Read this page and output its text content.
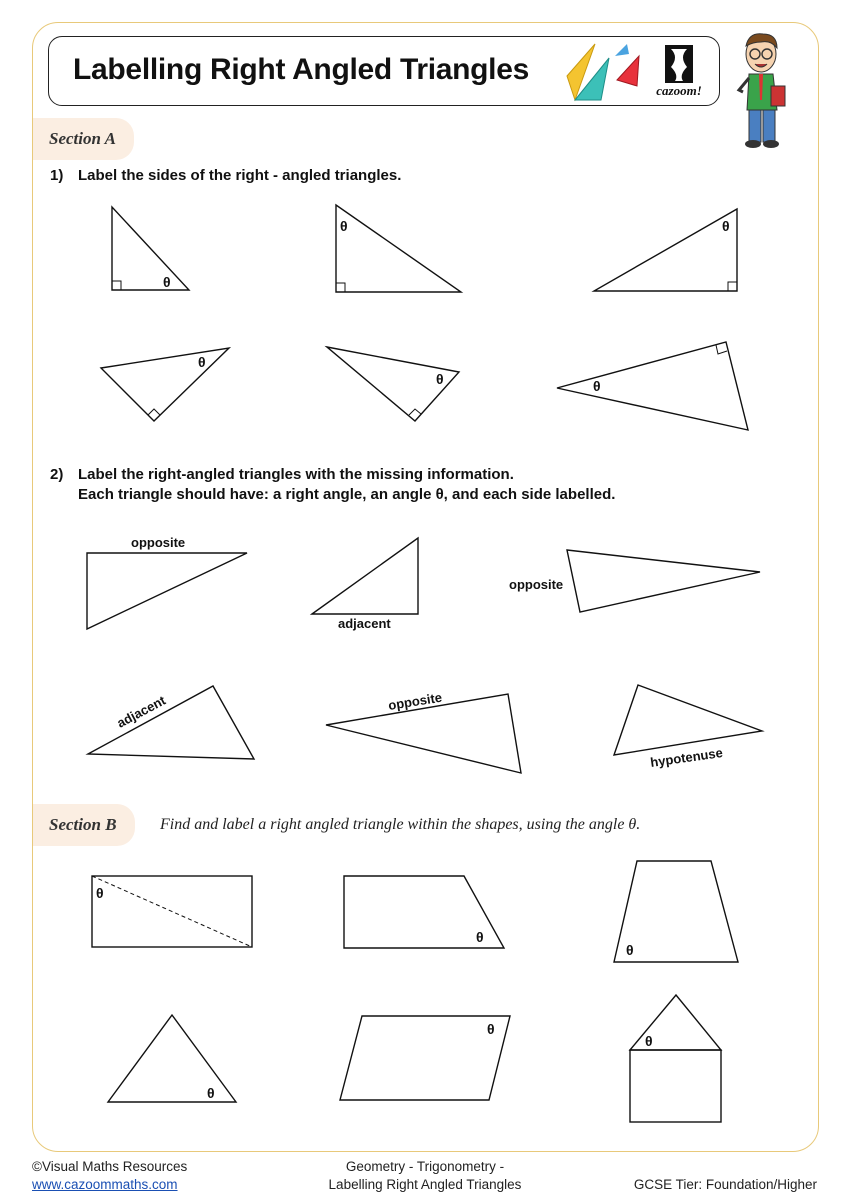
Labelling Right Angled Triangles
cazoom!
Section A
1) Label the sides of the right - angled triangles.
2) Label the right-angled triangles with the missing information.
Each triangle should have: a right angle, an angle θ, and each side labelled.
θ
θ	θ
θ
θ	θ
opposite
adjacent
opposite
adjacent	opposite
hypotenuse
θ
θ
θ
θ
θ
θ
Section B	Find and label a right angled triangle within the shapes, using the angle θ.
©Visual Maths Resources
www.cazoommaths.com
Geometry - Trigonometry -
Labelling Right Angled Triangles	GCSE Tier: Foundation/Higher
